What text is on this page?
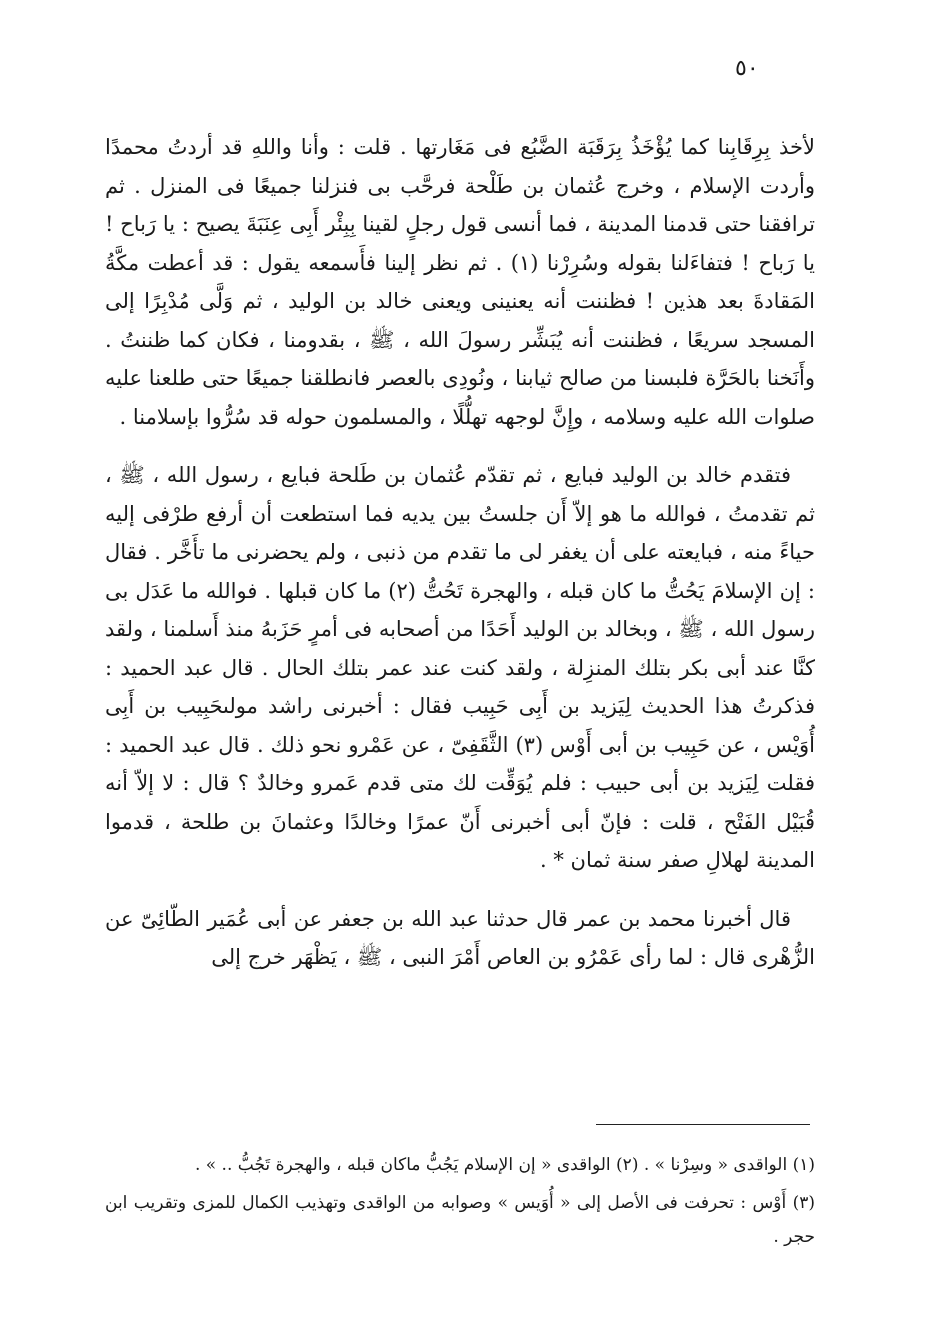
٥٠

لأخذ بِرِقَابِنا كما يُؤْخَذُ بِرَقَبَة الضَّبُع فى مَغَارتها . قلت : وأنا واللهِ قد أردتُ محمدًا وأردت الإسلام ، وخرج عُثمان بن طَلْحة فرحَّب بى فنزلنا جميعًا فى المنزل . ثم ترافقنا حتى قدمنا المدينة ، فما أنسى قول رجلٍ لقينا بِبِئْر أَبِى عِنَبَةَ يصيح : يا رَباح ! يا رَباح ! فتفاءَلنا بقوله وسُرِرْنا (١) . ثم نظر إلينا فأَسمعه يقول : قد أعطت مكَّةُ المَقادةَ بعد هذين ! فظننت أنه يعنينى ويعنى خالد بن الوليد ، ثم وَلَّى مُدْبِرًا إلى المسجد سريعًا ، فظننت أنه يُبَشِّر رسولَ الله ، ﷺ ، بقدومنا ، فكان كما ظننتُ . وأَنَخنا بالحَرَّة فلبسنا من صالح ثيابنا ، ونُودِى بالعصر فانطلقنا جميعًا حتى طلعنا عليه صلوات الله عليه وسلامه ، وإِنَّ لوجهه تهلُّلًا ، والمسلمون حوله قد سُرُّوا بإسلامنا .

فتقدم خالد بن الوليد فبايع ، ثم تقدّم عُثمان بن طَلحة فبايع ، رسول الله ، ﷺ ، ثم تقدمتُ ، فوالله ما هو إلاّ أَن جلستُ بين يديه فما استطعت أن أرفع طرْفى إليه حياءً منه ، فبايعته على أن يغفر لى ما تقدم من ذنبى ، ولم يحضرنى ما تأَخَّر . فقال : إن الإسلامَ يَحُتُّ ما كان قبله ، والهجرة تَحُتُّ (٢) ما كان قبلها . فوالله ما عَدَل بى رسول الله ، ﷺ ، وبخالد بن الوليد أَحَدًا من أصحابه فى أمرٍ حَزَبهُ منذ أَسلمنا ، ولقد كنَّا عند أبى بكر بتلك المنزِلة ، ولقد كنت عند عمر بتلك الحال . قال عبد الحميد : فذكرتُ هذا الحديث لِيَزيد بن أَبِى حَبِيب فقال : أخبرنى راشد مولىحَبِيب بن أَبِى أُوَيْس ، عن حَبِيب بن أبى أَوْس (٣) الثَّقَفِىّ ، عن عَمْرو نحو ذلك . قال عبد الحميد : فقلت لِيَزيد بن أبى حبيب : فلم يُوَقِّت لك متى قدم عَمرو وخالدٌ ؟ قال : لا إلاّ أنه قُبَيْل الفَتْح ، قلت : فإنّ أبى أخبرنى أَنّ عمرًا وخالدًا وعثمانَ بن طلحة ، قدموا المدينة لهلالِ صفر سنة ثمان * .

قال أخبرنا محمد بن عمر قال حدثنا عبد الله بن جعفر عن أبى عُمَير الطّائِىّ عن الزُّهْرى قال : لما رأى عَمْرُو بن العاص أَمْرَ النبى ، ﷺ ، يَظْهَر خرج إلى

(١) الواقدى « وسِرْنا » . (٢) الواقدى « إن الإسلام يَجُبُّ ماكان قبله ، والهجرة تَجُبُّ .. » .

(٣) أَوْس : تحرفت فى الأصل إلى « أُوَيس » وصوابه من الواقدى وتهذيب الكمال للمزى وتقريب ابن حجر .
